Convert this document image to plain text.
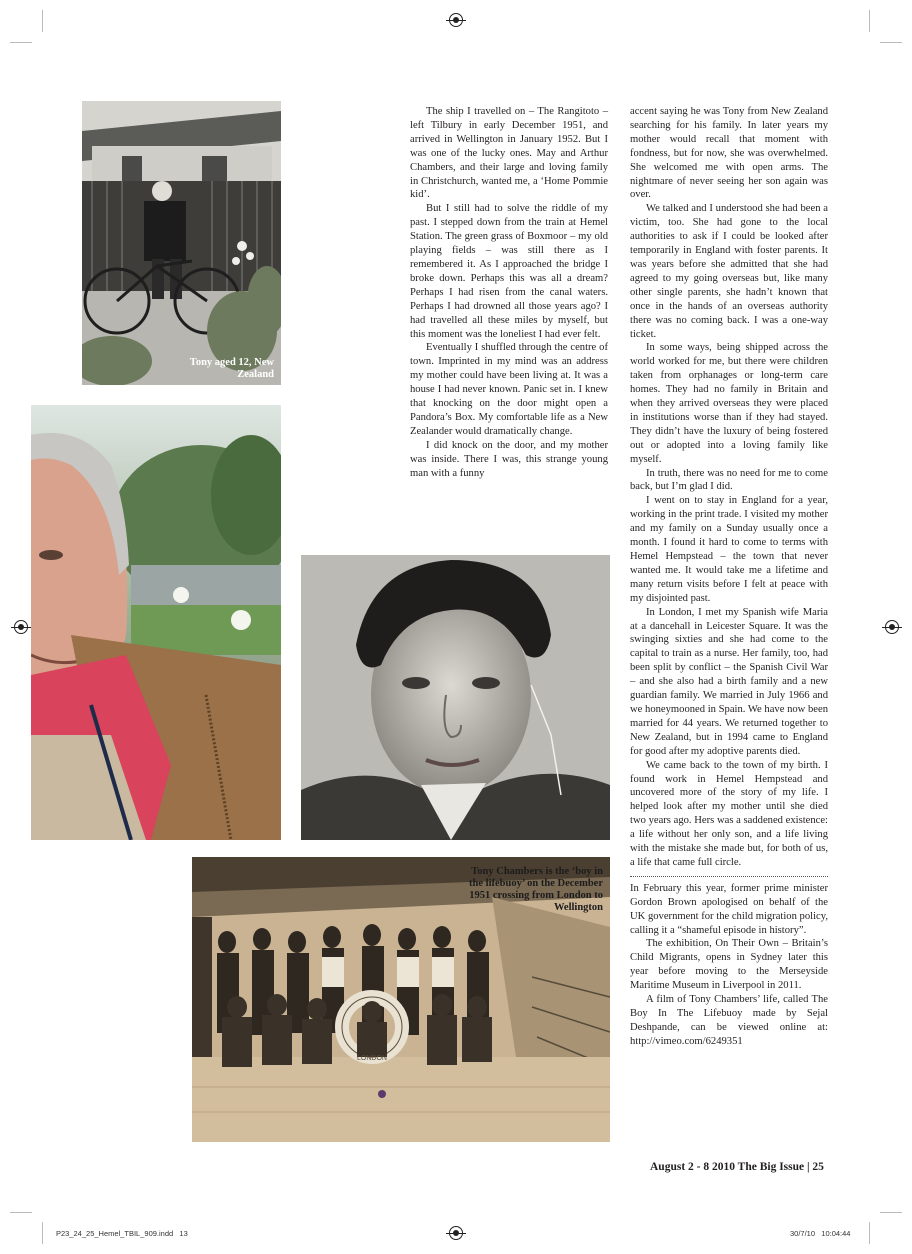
Tony aged 12, New Zealand
LONDON
Tony Chambers is the ‘boy in the lifebuoy’ on the December 1951 crossing from London to Wellington

The ship I travelled on – The Rangitoto – left Tilbury in early December 1951, and arrived in Wellington in January 1952. But I was one of the lucky ones. May and Arthur Chambers, and their large and loving family in Christchurch, wanted me, a ‘Home Pommie kid’.

But I still had to solve the riddle of my past. I stepped down from the train at Hemel Station. The green grass of Boxmoor – my old playing fields – was still there as I remembered it. As I approached the bridge I broke down. Perhaps this was all a dream? Perhaps I had risen from the canal waters. Perhaps I had drowned all those years ago? I had travelled all these miles by myself, but this moment was the loneliest I had ever felt.

Eventually I shuffled through the centre of town. Imprinted in my mind was an address my mother could have been living at. It was a house I had never known. Panic set in. I knew that knocking on the door might open a Pandora’s Box. My comfortable life as a New Zealander would dramatically change.

I did knock on the door, and my mother was inside. There I was, this strange young man with a funny

accent saying he was Tony from New Zealand searching for his family. In later years my mother would recall that moment with fondness, but for now, she was overwhelmed. She welcomed me with open arms. The nightmare of never seeing her son again was over.

We talked and I understood she had been a victim, too. She had gone to the local authorities to ask if I could be looked after temporarily in England with foster parents. It was years before she admitted that she had agreed to my going overseas but, like many other single parents, she hadn’t known that once in the hands of an overseas authority there was no coming back. I was a one-way ticket.

In some ways, being shipped across the world worked for me, but there were children taken from orphanages or long-term care homes. They had no family in Britain and when they arrived overseas they were placed in institutions worse than if they had stayed. They didn’t have the luxury of being fostered out or adopted into a loving family like myself.

In truth, there was no need for me to come back, but I’m glad I did.

I went on to stay in England for a year, working in the print trade. I visited my mother and my family on a Sunday usually once a month. I found it hard to come to terms with Hemel Hempstead – the town that never wanted me. It would take me a lifetime and many return visits before I felt at peace with my disjointed past.

In London, I met my Spanish wife Maria at a dancehall in Leicester Square. It was the swinging sixties and she had come to the capital to train as a nurse. Her family, too, had been split by conflict – the Spanish Civil War – and she also had a birth family and a new guardian family. We married in July 1966 and we honeymooned in Spain. We have now been married for 44 years. We returned together to New Zealand, but in 1994 came to England for good after my adoptive parents died.

We came back to the town of my birth. I found work in Hemel Hempstead and uncovered more of the story of my life. I helped look after my mother until she died two years ago. Hers was a saddened existence: a life without her only son, and a life living with the mistake she made but, for both of us, a life that came full circle.

In February this year, former prime minister Gordon Brown apologised on behalf of the UK government for the child migration policy, calling it a “shameful episode in history”.

The exhibition, On Their Own – Britain’s Child Migrants, opens in Sydney later this year before moving to the Merseyside Maritime Museum in Liverpool in 2011.

A film of Tony Chambers’ life, called The Boy In The Lifebuoy made by Sejal Deshpande, can be viewed online at: http://vimeo.com/6249351

August 2 - 8 2010 The Big Issue | 25
P23_24_25_Hemel_TBIL_909.indd   13	30/7/10   10:04:44
